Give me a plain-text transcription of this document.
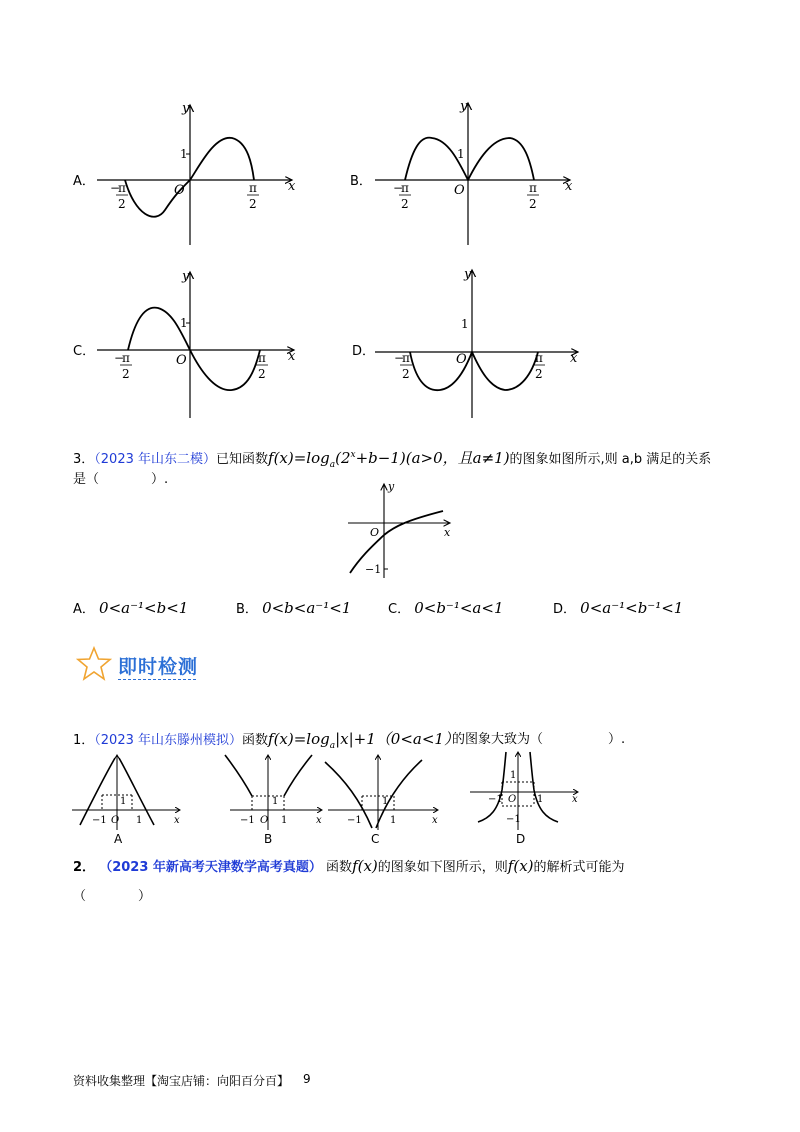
y
x
O
1
−
π
2
π
2
y
x
O
1
−
π
2
π
2
y
x
O
1
−
π
2
π
2
y
x
O
1
−
π
2
π
2
A．	B．
C．	D．
3．（2023 年山东二模）已知函数$f(x)=\log_a(2^x+b-1)(a>0$，且a≠1)的图象如图所示,则 a,b 满足的关系
是（　　　　）.	y
x
O
−1
A． 0<a⁻¹<b<1	B． 0<b<a⁻¹<1	C． 0<b⁻¹<a<1	D． 0<a⁻¹<b⁻¹<1
即时检测
1．（2023 年山东滕州模拟）函数$f(x)=\log_a|x|+1(0<a<1)$
的图象大致为（　　　　　）.
−1 O
1
1	x	−1 O
1
1	x	−1
1
1	x
−1 O
1
1
−1
x
A	B	C	D
2． （2023 年新高考天津数学高考真题） 函数f(x)的图象如下图所示，则f(x)的解析式可能为
（　　　　）
资料收集整理【淘宝店铺：向阳百分百】 9
